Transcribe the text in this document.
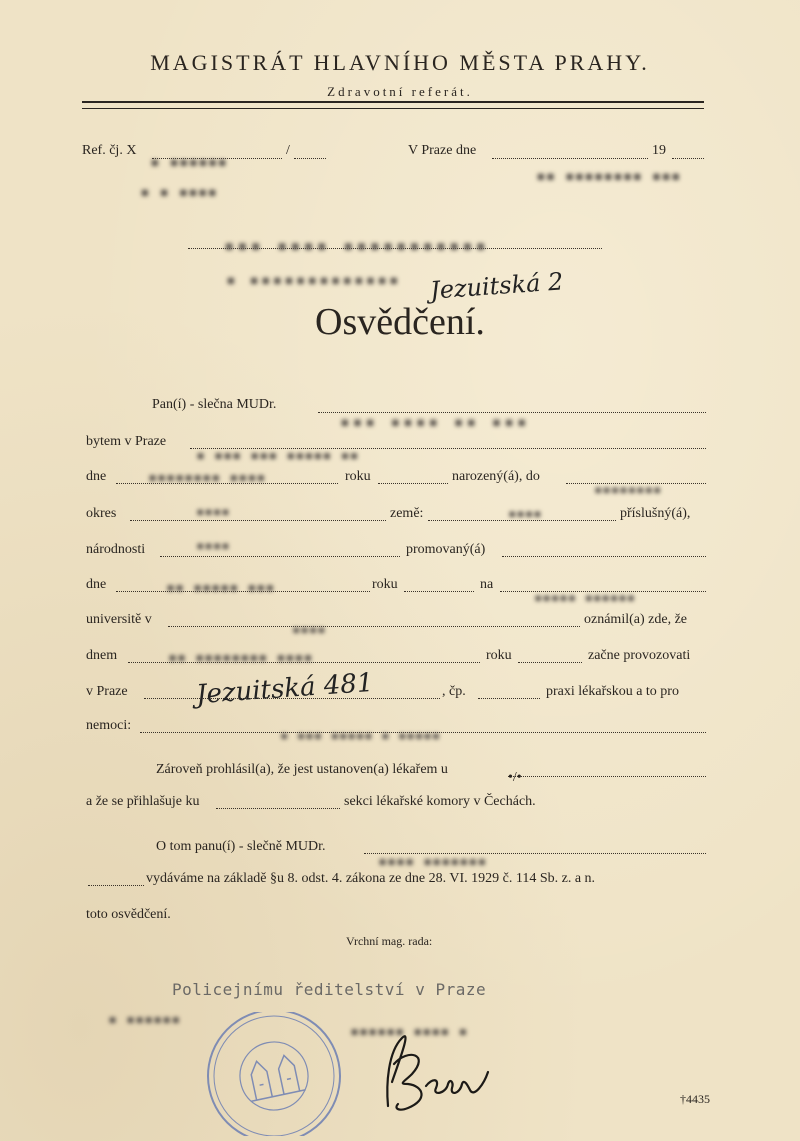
MAGISTRÁT HLAVNÍHO MĚSTA PRAHY.
Zdravotní referát.
Ref. čj. X	/	V Praze dne	19
▪ ▪▪▪▪▪▪
▪ ▪ ▪▪▪▪
▪▪ ▪▪▪▪▪▪▪▪ ▪▪▪
▪▪▪ ▪▪▪▪ ▪▪▪▪▪▪▪▪▪▪▪
▪ ▪▪▪▪▪▪▪▪▪▪▪▪▪ Jezuitská 2
Osvědčení.
Pan(í) - slečna MUDr.
▪▪▪ ▪▪▪▪ ▪▪ ▪▪▪
bytem v Praze
▪ ▪▪▪ ▪▪▪ ▪▪▪▪▪ ▪▪
dne	▪▪▪▪▪▪▪▪ ▪▪▪▪	roku	narozený(á), do
▪▪▪▪▪▪▪▪
okres	▪▪▪▪	země:	▪▪▪▪	příslušný(á),
národnosti	▪▪▪▪	promovaný(á)
dne	▪▪ ▪▪▪▪▪ ▪▪▪	roku	na
▪▪▪▪▪ ▪▪▪▪▪▪
universitě v
▪▪▪▪
oznámil(a) zde, že
dnem	▪▪ ▪▪▪▪▪▪▪▪ ▪▪▪▪	roku	začne provozovati
v Praze	Jezuitská 481	, čp.	praxi lékařskou a to pro
nemoci:
▪ ▪▪▪ ▪▪▪▪▪ ▪ ▪▪▪▪▪
Zároveň prohlásil(a), že jest ustanoven(a) lékařem u
•/•
a že se přihlašuje ku	sekci lékařské komory v Čechách.
O tom panu(í) - slečně MUDr.
▪▪▪▪ ▪▪▪▪▪▪▪
vydáváme na základě §u 8. odst. 4. zákona ze dne 28. VI. 1929 č. 114 Sb. z. a n.
toto osvědčení.
Vrchní mag. rada:
Policejnímu ředitelství v Praze
▪ ▪▪▪▪▪▪
▪▪▪▪▪▪ ▪▪▪▪ ▪
†4435
